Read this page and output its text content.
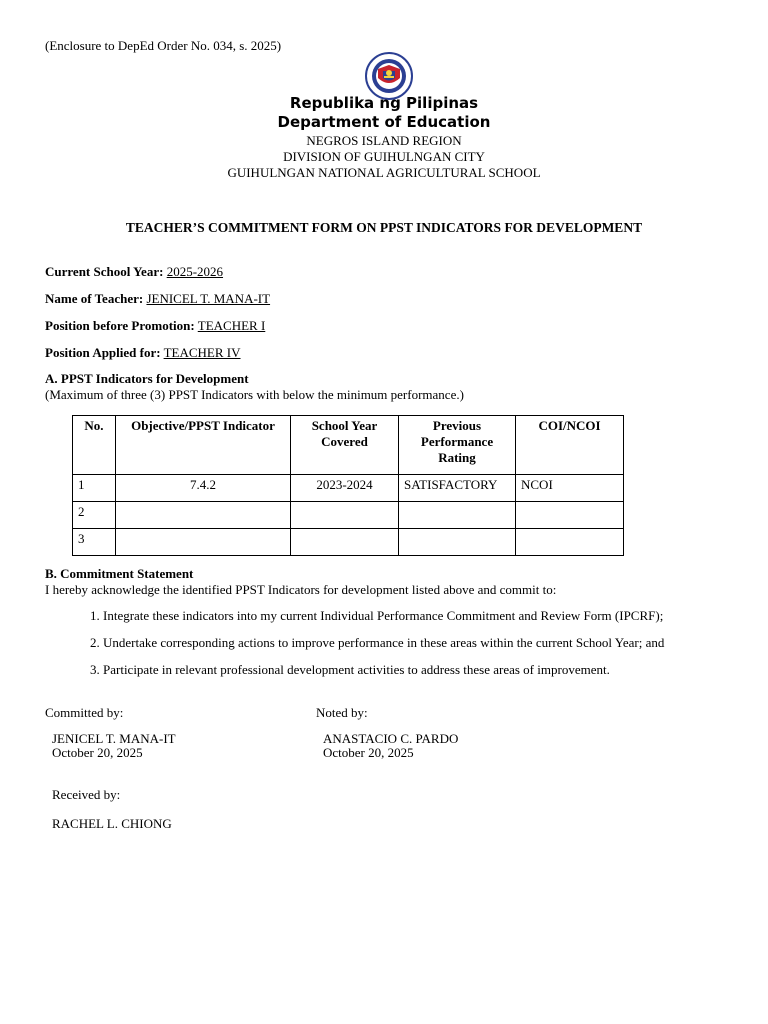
(Enclosure to DepEd Order No. 034, s. 2025)
Republika ng Pilipinas
Department of Education
NEGROS ISLAND REGION
DIVISION OF GUIHULNGAN CITY
GUIHULNGAN NATIONAL AGRICULTURAL SCHOOL
TEACHER’S COMMITMENT FORM ON PPST INDICATORS FOR DEVELOPMENT
Current School Year: 2025-2026
Name of Teacher: JENICEL T. MANA-IT
Position before Promotion: TEACHER I
Position Applied for: TEACHER IV
A. PPST Indicators for Development
(Maximum of three (3) PPST Indicators with below the minimum performance.)
No.	Objective/PPST Indicator	School Year Covered	Previous Performance Rating	COI/NCOI
1	7.4.2	2023-2024	SATISFACTORY	NCOI
2				
3				
B. Commitment Statement
I hereby acknowledge the identified PPST Indicators for development listed above and commit to:
1. Integrate these indicators into my current Individual Performance Commitment and Review Form (IPCRF);
2. Undertake corresponding actions to improve performance in these areas within the current School Year; and
3. Participate in relevant professional development activities to address these areas of improvement.
Committed by:	Noted by:
JENICEL T. MANA-IT
October 20, 2025
ANASTACIO C. PARDO
October 20, 2025
Received by:
RACHEL L. CHIONG
